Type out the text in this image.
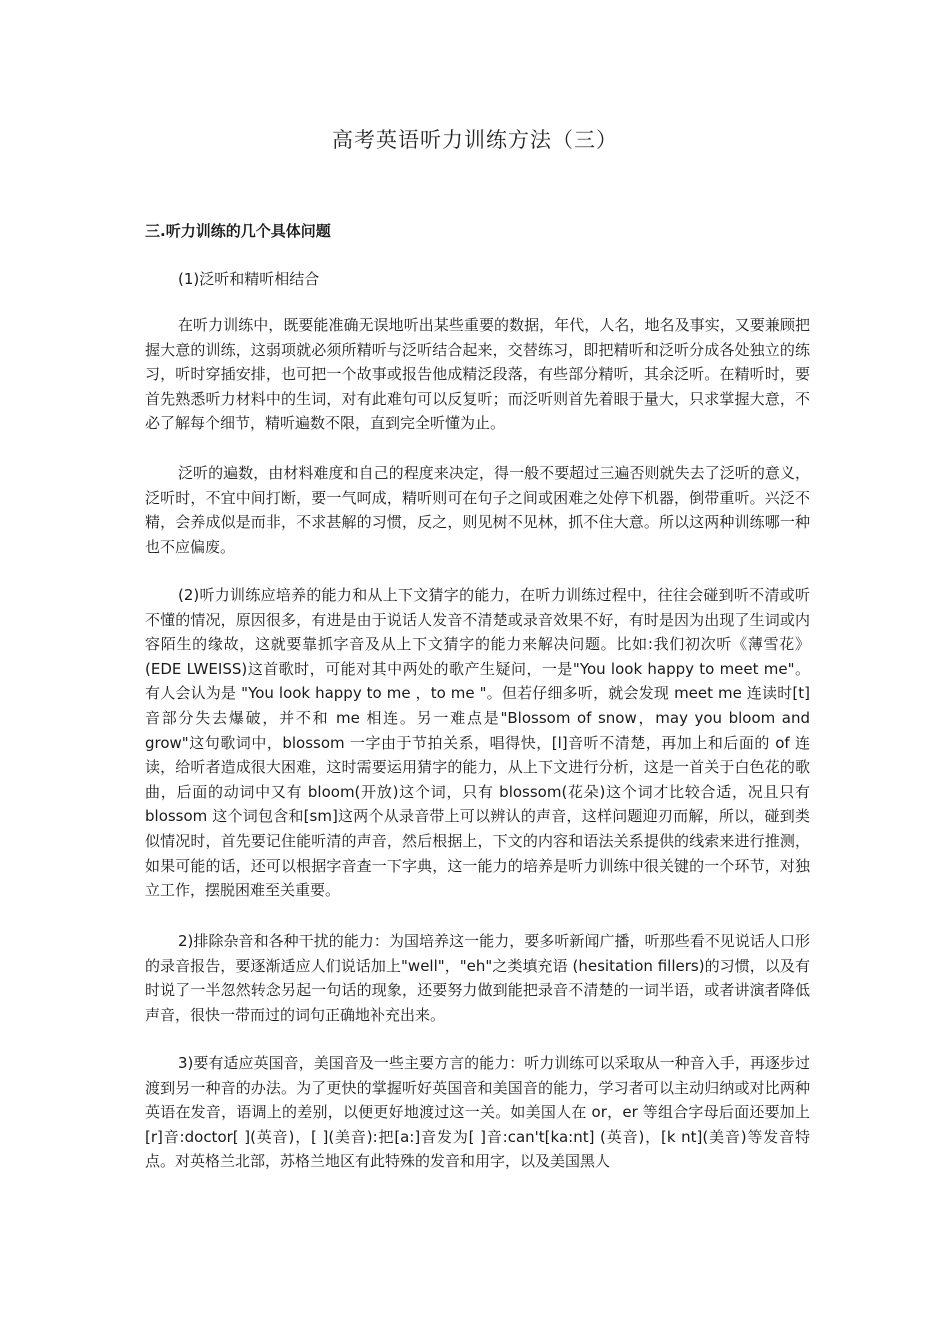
高考英语听力训练方法（三）
三.听力训练的几个具体问题
(1)泛听和精听相结合

在听力训练中，既要能准确无误地听出某些重要的数据，年代，人名，地名及事实，又要兼顾把握大意的训练，这弱项就必须所精听与泛听结合起来，交替练习，即把精听和泛听分成各处独立的练习，听时穿插安排，也可把一个故事或报告他成精泛段落，有些部分精听，其余泛听。在精听时，要首先熟悉听力材料中的生词，对有此难句可以反复听；而泛听则首先着眼于量大，只求掌握大意，不必了解每个细节，精听遍数不限，直到完全听懂为止。

泛听的遍数，由材料难度和自己的程度来决定，得一般不要超过三遍否则就失去了泛听的意义，泛听时，不宜中间打断，要一气呵成，精听则可在句子之间或困难之处停下机器，倒带重听。兴泛不精，会养成似是而非，不求甚解的习惯，反之，则见树不见林，抓不住大意。所以这两种训练哪一种也不应偏废。

(2)听力训练应培养的能力和从上下文猜字的能力，在听力训练过程中，往往会碰到听不清或听不懂的情况，原因很多，有进是由于说话人发音不清楚或录音效果不好，有时是因为出现了生词或内容陌生的缘故，这就要靠抓字音及从上下文猜字的能力来解决问题。比如:我们初次听《薄雪花》(EDE LWEISS)这首歌时，可能对其中两处的歌产生疑问，一是"You look happy to meet me"。有人会认为是 "You look happy to me ，to me "。但若仔细多听，就会发现 meet me 连读时[t]音部分失去爆破，并不和 me 相连。另一难点是"Blossom of snow，may you bloom and grow"这句歌词中，blossom 一字由于节拍关系，唱得快，[l]音听不清楚，再加上和后面的 of 连读，给听者造成很大困难，这时需要运用猜字的能力，从上下文进行分析，这是一首关于白色花的歌曲，后面的动词中又有 bloom(开放)这个词，只有 blossom(花朵)这个词才比较合适，况且只有 blossom 这个词包含和[sm]这两个从录音带上可以辨认的声音，这样问题迎刃而解，所以，碰到类似情况时，首先要记住能听清的声音，然后根据上，下文的内容和语法关系提供的线索来进行推测，如果可能的话，还可以根据字音查一下字典，这一能力的培养是听力训练中很关键的一个环节，对独立工作，摆脱困难至关重要。

2)排除杂音和各种干扰的能力：为国培养这一能力，要多听新闻广播，听那些看不见说话人口形的录音报告，要逐渐适应人们说话加上"well"，"eh"之类填充语 (hesitation fillers)的习惯，以及有时说了一半忽然转念另起一句话的现象，还要努力做到能把录音不清楚的一词半语，或者讲演者降低声音，很快一带而过的词句正确地补充出来。

3)要有适应英国音，美国音及一些主要方言的能力：听力训练可以采取从一种音入手，再逐步过渡到另一种音的办法。为了更快的掌握听好英国音和美国音的能力，学习者可以主动归纳或对比两种英语在发音，语调上的差别，以便更好地渡过这一关。如美国人在 or，er 等组合字母后面还要加上[r]音:doctor[ ](英音)，[ ](美音):把[a:]音发为[ ]音:can't[ka:nt] (英音)，[k nt](美音)等发音特点。对英格兰北部，苏格兰地区有此特殊的发音和用字，以及美国黑人
